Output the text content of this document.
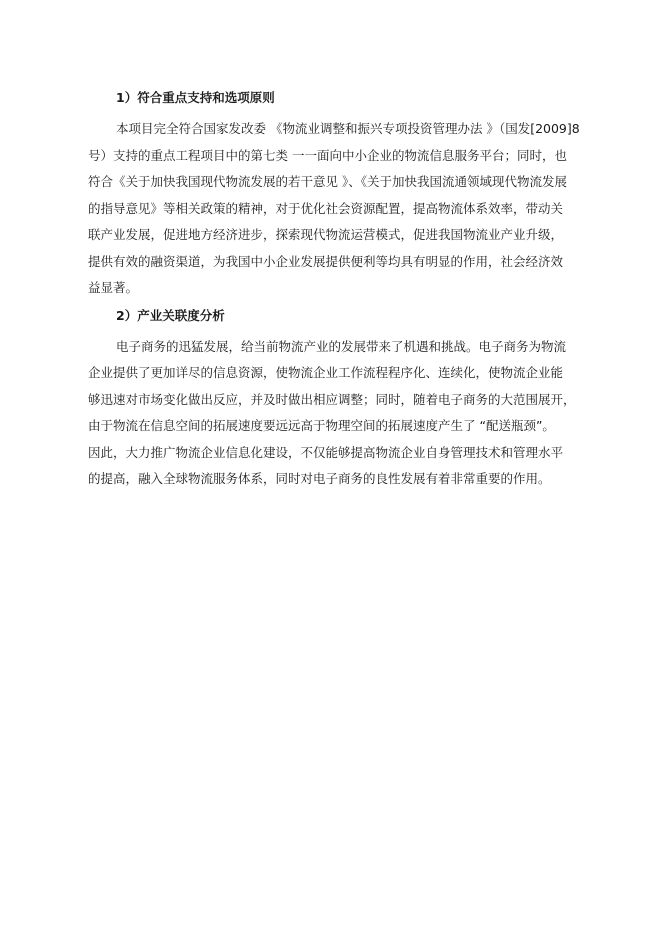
1）符合重点支持和选项原则
本项目完全符合国家发改委 《物流业调整和振兴专项投资管理办法 》（国发[2009]8
号）支持的重点工程项目中的第七类 一一面向中小企业的物流信息服务平台；同时，也
符合《关于加快我国现代物流发展的若干意见 》、《关于加快我国流通领域现代物流发展
的指导意见》等相关政策的精神，对于优化社会资源配置，提高物流体系效率，带动关
联产业发展，促进地方经济进步，探索现代物流运营模式，促进我国物流业产业升级，
提供有效的融资渠道，为我国中小企业发展提供便利等均具有明显的作用，社会经济效
益显著。
2）产业关联度分析
电子商务的迅猛发展，给当前物流产业的发展带来了机遇和挑战。电子商务为物流
企业提供了更加详尽的信息资源，使物流企业工作流程程序化、连续化，使物流企业能
够迅速对市场变化做出反应，并及时做出相应调整；同时，随着电子商务的大范围展开，
由于物流在信息空间的拓展速度要远远高于物理空间的拓展速度产生了 “配送瓶颈”。
因此，大力推广物流企业信息化建设，不仅能够提高物流企业自身管理技术和管理水平
的提高，融入全球物流服务体系，同时对电子商务的良性发展有着非常重要的作用。
